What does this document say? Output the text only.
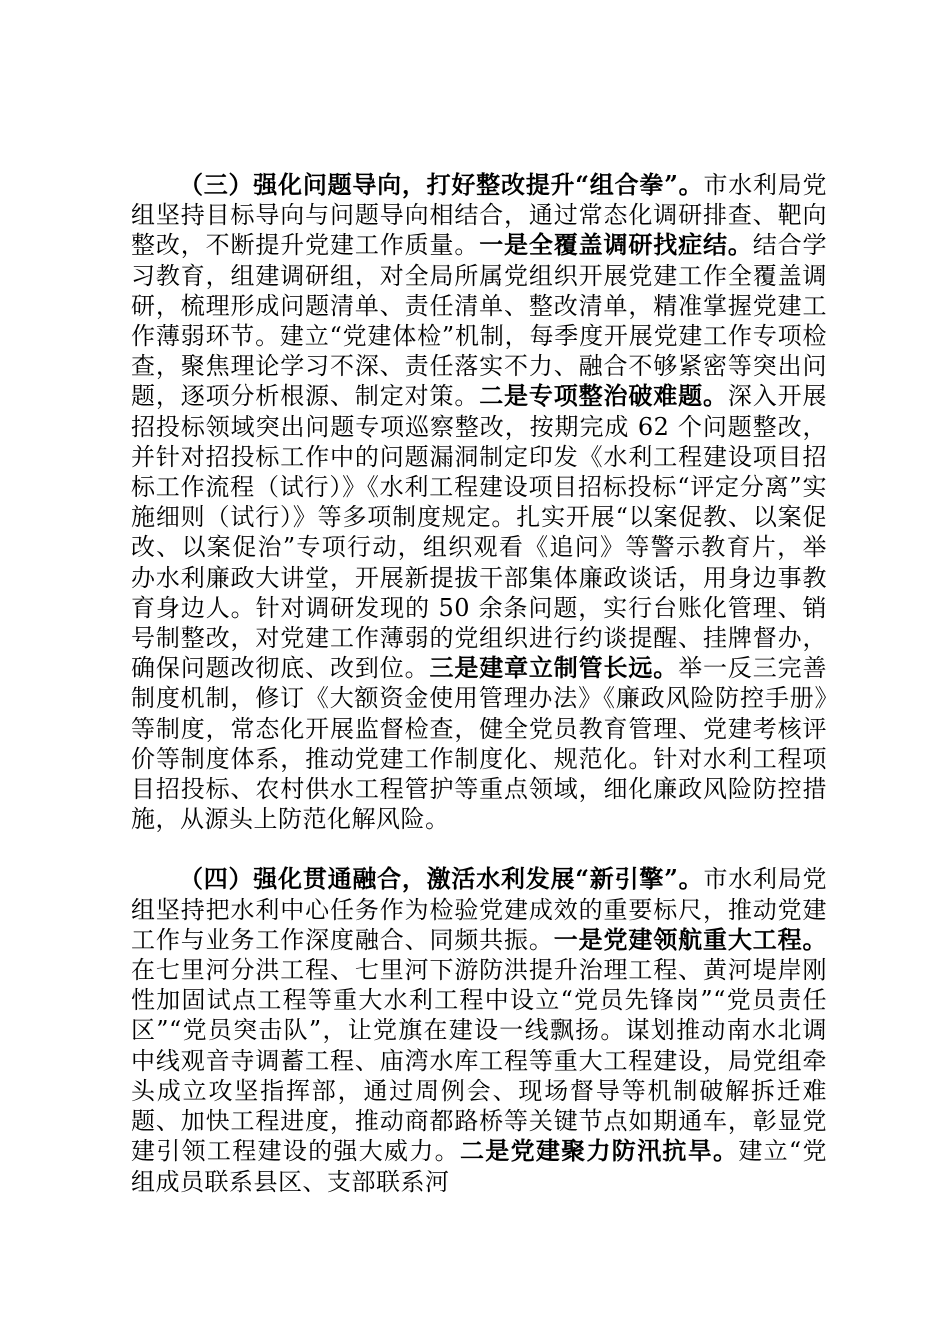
（三）强化问题导向，打好整改提升“组合拳”。市水利局党组坚持目标导向与问题导向相结合，通过常态化调研排查、靶向整改，不断提升党建工作质量。一是全覆盖调研找症结。结合学习教育，组建调研组，对全局所属党组织开展党建工作全覆盖调研，梳理形成问题清单、责任清单、整改清单，精准掌握党建工作薄弱环节。建立“党建体检”机制，每季度开展党建工作专项检查，聚焦理论学习不深、责任落实不力、融合不够紧密等突出问题，逐项分析根源、制定对策。二是专项整治破难题。深入开展招投标领域突出问题专项巡察整改，按期完成 62 个问题整改，并针对招投标工作中的问题漏洞制定印发《水利工程建设项目招标工作流程（试行）》《水利工程建设项目招标投标“评定分离”实施细则（试行）》等多项制度规定。扎实开展“以案促教、以案促改、以案促治”专项行动，组织观看《追问》等警示教育片，举办水利廉政大讲堂，开展新提拔干部集体廉政谈话，用身边事教育身边人。针对调研发现的 50 余条问题，实行台账化管理、销号制整改，对党建工作薄弱的党组织进行约谈提醒、挂牌督办，确保问题改彻底、改到位。三是建章立制管长远。举一反三完善制度机制，修订《大额资金使用管理办法》《廉政风险防控手册》等制度，常态化开展监督检查，健全党员教育管理、党建考核评价等制度体系，推动党建工作制度化、规范化。针对水利工程项目招投标、农村供水工程管护等重点领域，细化廉政风险防控措施，从源头上防范化解风险。

（四）强化贯通融合，激活水利发展“新引擎”。市水利局党组坚持把水利中心任务作为检验党建成效的重要标尺，推动党建工作与业务工作深度融合、同频共振。一是党建领航重大工程。在七里河分洪工程、七里河下游防洪提升治理工程、黄河堤岸刚性加固试点工程等重大水利工程中设立“党员先锋岗”“党员责任区”“党员突击队”，让党旗在建设一线飘扬。谋划推动南水北调中线观音寺调蓄工程、庙湾水库工程等重大工程建设，局党组牵头成立攻坚指挥部，通过周例会、现场督导等机制破解拆迁难题、加快工程进度，推动商都路桥等关键节点如期通车，彰显党建引领工程建设的强大威力。二是党建聚力防汛抗旱。建立“党组成员联系县区、支部联系河
